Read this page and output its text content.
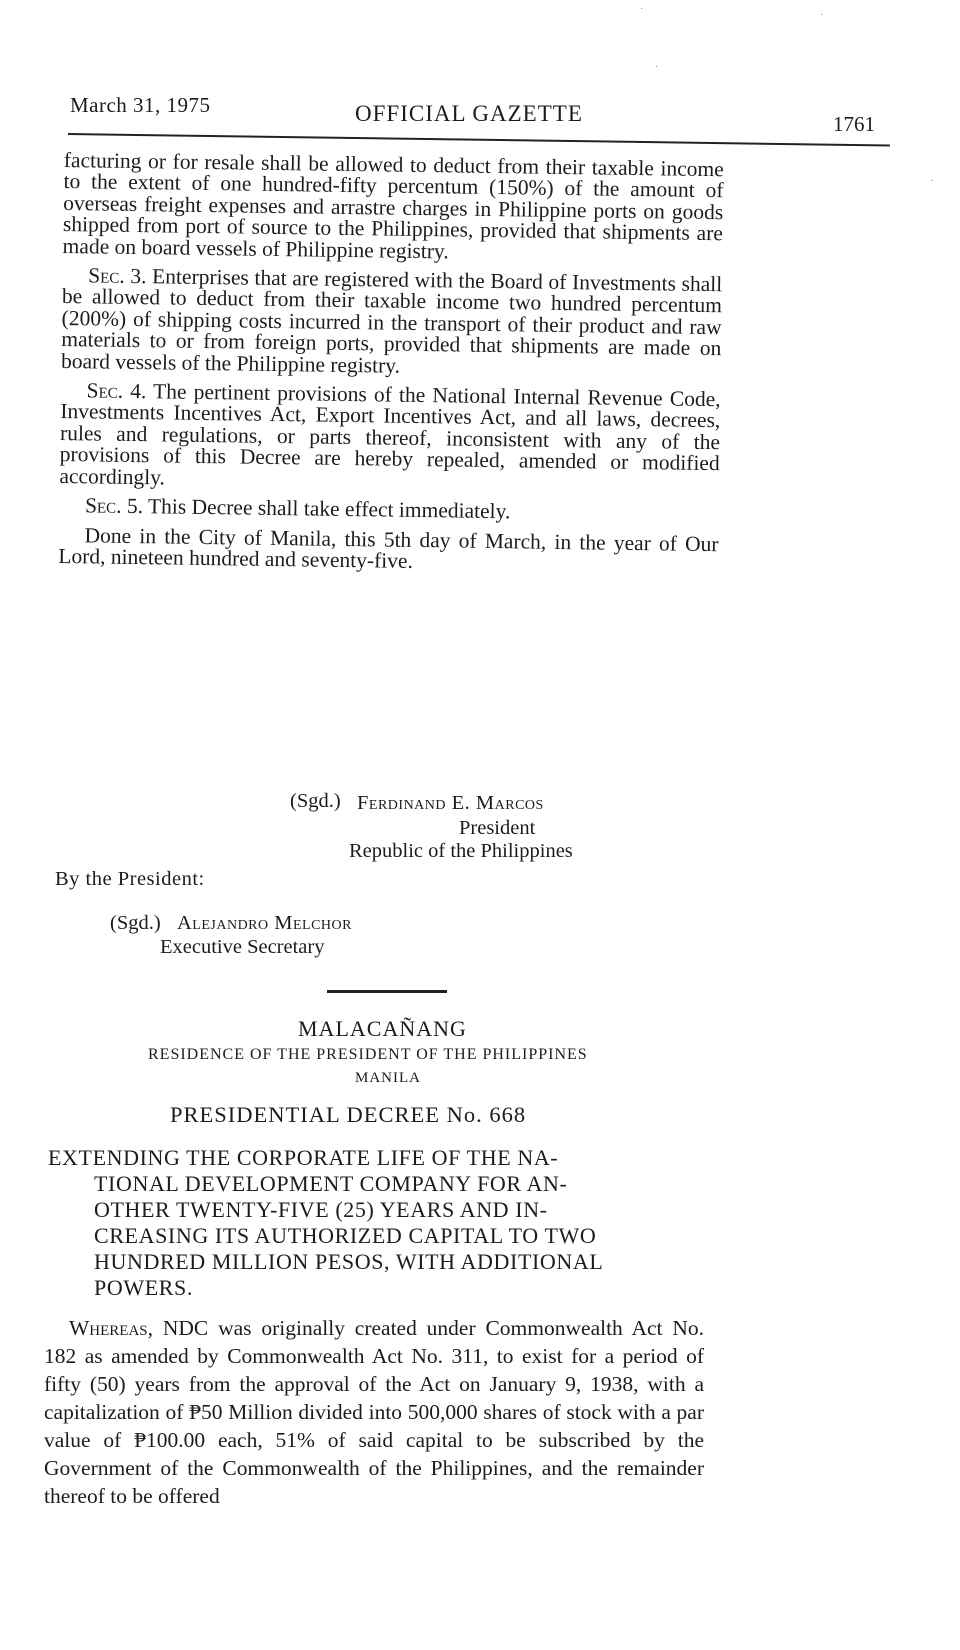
March 31, 1975	OFFICIAL GAZETTE	1761

facturing or for resale shall be allowed to deduct from their taxable income to the extent of one hundred-fifty percentum (150%) of the amount of overseas freight expenses and arrastre charges in Philippine ports on goods shipped from port of source to the Philippines, provided that shipments are made on board vessels of Philippine registry.

Sec. 3. Enterprises that are registered with the Board of Investments shall be allowed to deduct from their taxable income two hundred percentum (200%) of shipping costs incurred in the transport of their product and raw materials to or from foreign ports, provided that shipments are made on board vessels of the Philippine registry.

Sec. 4. The pertinent provisions of the National Internal Revenue Code, Investments Incentives Act, Export Incentives Act, and all laws, decrees, rules and regulations, or parts thereof, inconsistent with any of the provisions of this Decree are hereby repealed, amended or modified accordingly.

Sec. 5. This Decree shall take effect immediately.

Done in the City of Manila, this 5th day of March, in the year of Our Lord, nineteen hundred and seventy-five.

(Sgd.) Ferdinand E. Marcos
President
Republic of the Philippines
By the President:
(Sgd.) Alejandro Melchor
Executive Secretary
MALACAÑANG
RESIDENCE OF THE PRESIDENT OF THE PHILIPPINES
MANILA
PRESIDENTIAL DECREE No. 668
EXTENDING THE CORPORATE LIFE OF THE NA-
TIONAL DEVELOPMENT COMPANY FOR AN-
OTHER TWENTY-FIVE (25) YEARS AND IN-
CREASING ITS AUTHORIZED CAPITAL TO TWO
HUNDRED MILLION PESOS, WITH ADDITIONAL
POWERS.

Whereas, NDC was originally created under Commonwealth Act No. 182 as amended by Commonwealth Act No. 311, to exist for a period of fifty (50) years from the approval of the Act on January 9, 1938, with a capitalization of ₱50 Million divided into 500,000 shares of stock with a par value of ₱100.00 each, 51% of said capital to be subscribed by the Government of the Commonwealth of the Philippines, and the remainder thereof to be offered

·
·
·
·
